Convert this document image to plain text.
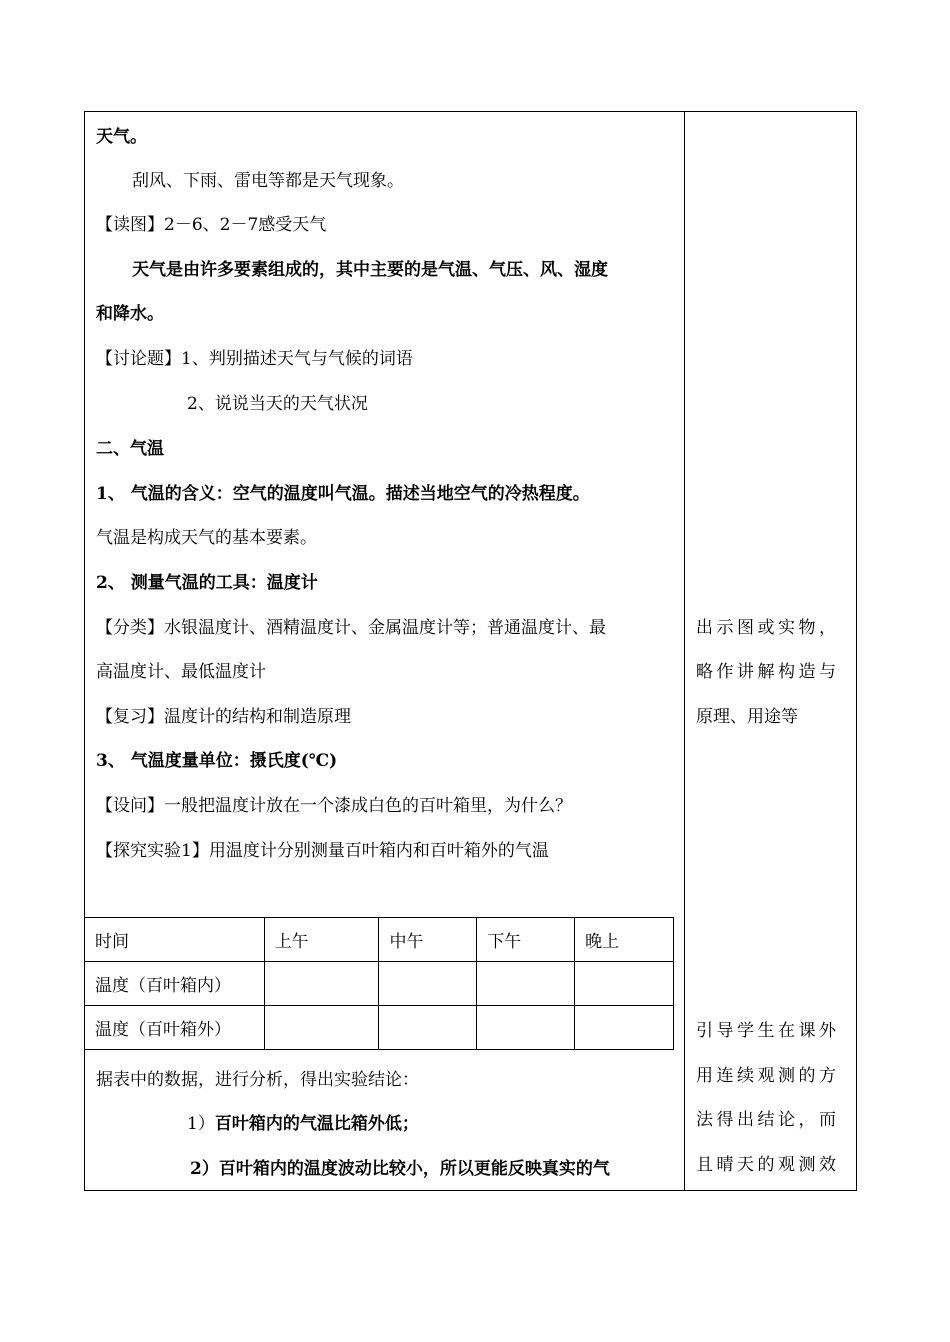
天气。
刮风、下雨、雷电等都是天气现象。
【读图】2－6、2－7感受天气
天气是由许多要素组成的，其中主要的是气温、气压、风、湿度
和降水。
【讨论题】1、判别描述天气与气候的词语
2、说说当天的天气状况
二、气温
1、 气温的含义：空气的温度叫气温。描述当地空气的冷热程度。
气温是构成天气的基本要素。
2、 测量气温的工具：温度计
【分类】水银温度计、酒精温度计、金属温度计等；普通温度计、最
高温度计、最低温度计
【复习】温度计的结构和制造原理
3、 气温度量单位：摄氏度(℃)
【设问】一般把温度计放在一个漆成白色的百叶箱里，为什么？
【探究实验1】用温度计分别测量百叶箱内和百叶箱外的气温
时间	上午	中午	下午	晚上
温度（百叶箱内）				
温度（百叶箱外）				
据表中的数据，进行分析，得出实验结论：
1）百叶箱内的气温比箱外低；
2）百叶箱内的温度波动比较小，所以更能反映真实的气
出示图或实物，
略作讲解构造与
原理、用途等
引导学生在课外
用连续观测的方
法得出结论，而
且晴天的观测效
